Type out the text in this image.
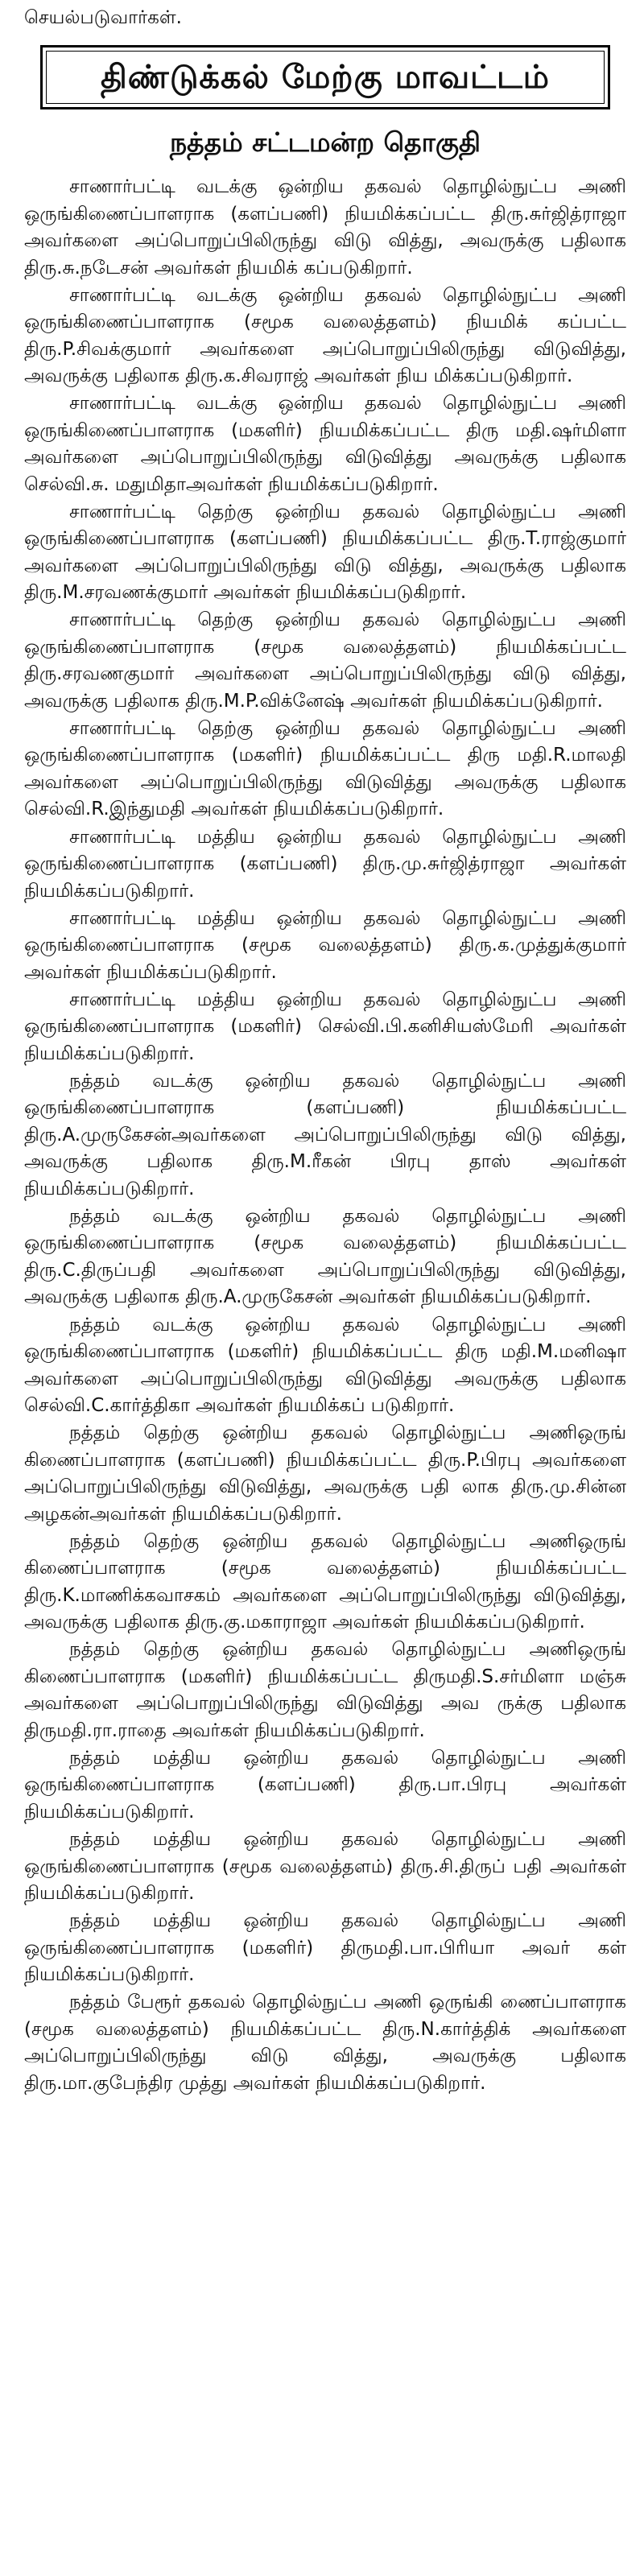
செயல்படுவார்கள்.

திண்டுக்கல் மேற்கு மாவட்டம்
நத்தம் சட்டமன்ற தொகுதி

சாணார்பட்டி வடக்கு ஒன்றிய தகவல் தொழில்நுட்ப அணி ஒருங்கிணைப்பாளராக (களப்பணி) நியமிக்கப்பட்ட திரு.சுர்ஜித்ராஜா அவர்களை அப்பொறுப்பிலிருந்து விடு வித்து, அவருக்கு பதிலாக திரு.சு.நடேசன் அவர்கள் நியமிக் கப்படுகிறார்.

சாணார்பட்டி வடக்கு ஒன்றிய தகவல் தொழில்நுட்ப அணி ஒருங்கிணைப்பாளராக (சமூக வலைத்தளம்) நியமிக் கப்பட்ட திரு.P.சிவக்குமார் அவர்களை அப்பொறுப்பிலிருந்து விடுவித்து, அவருக்கு பதிலாக திரு.க.சிவராஜ் அவர்கள் நிய மிக்கப்படுகிறார்.

சாணார்பட்டி வடக்கு ஒன்றிய தகவல் தொழில்நுட்ப அணி ஒருங்கிணைப்பாளராக (மகளிர்) நியமிக்கப்பட்ட திரு மதி.ஷர்மிளா அவர்களை அப்பொறுப்பிலிருந்து விடுவித்து அவருக்கு பதிலாக செல்வி.சு. மதுமிதாஅவர்கள் நியமிக்கப்படுகிறார்.

சாணார்பட்டி தெற்கு ஒன்றிய தகவல் தொழில்நுட்ப அணி ஒருங்கிணைப்பாளராக (களப்பணி) நியமிக்கப்பட்ட திரு.T.ராஜ்குமார் அவர்களை அப்பொறுப்பிலிருந்து விடு வித்து, அவருக்கு பதிலாக திரு.M.சரவணக்குமார் அவர்கள் நியமிக்கப்படுகிறார்.

சாணார்பட்டி தெற்கு ஒன்றிய தகவல் தொழில்நுட்ப அணி ஒருங்கிணைப்பாளராக (சமூக வலைத்தளம்) நியமிக்கப்பட்ட திரு.சரவணகுமார் அவர்களை அப்பொறுப்பிலிருந்து விடு வித்து, அவருக்கு பதிலாக திரு.M.P.விக்னேஷ் அவர்கள் நியமிக்கப்படுகிறார்.

சாணார்பட்டி தெற்கு ஒன்றிய தகவல் தொழில்நுட்ப அணி ஒருங்கிணைப்பாளராக (மகளிர்) நியமிக்கப்பட்ட திரு மதி.R.மாலதி அவர்களை அப்பொறுப்பிலிருந்து விடுவித்து அவருக்கு பதிலாக செல்வி.R.இந்துமதி அவர்கள் நியமிக்கப்படுகிறார்.

சாணார்பட்டி மத்திய ஒன்றிய தகவல் தொழில்நுட்ப அணி ஒருங்கிணைப்பாளராக (களப்பணி) திரு.மு.சுர்ஜித்ராஜா அவர்கள் நியமிக்கப்படுகிறார்.

சாணார்பட்டி மத்திய ஒன்றிய தகவல் தொழில்நுட்ப அணி ஒருங்கிணைப்பாளராக (சமூக வலைத்தளம்) திரு.க.முத்துக்குமார் அவர்கள் நியமிக்கப்படுகிறார்.

சாணார்பட்டி மத்திய ஒன்றிய தகவல் தொழில்நுட்ப அணி ஒருங்கிணைப்பாளராக (மகளிர்) செல்வி.பி.கனிசியஸ்மேரி அவர்கள் நியமிக்கப்படுகிறார்.

நத்தம் வடக்கு ஒன்றிய தகவல் தொழில்நுட்ப அணி ஒருங்கிணைப்பாளராக (களப்பணி) நியமிக்கப்பட்ட திரு.A.முருகேசன்அவர்களை அப்பொறுப்பிலிருந்து விடு வித்து, அவருக்கு பதிலாக திரு.M.ரீகன் பிரபு தாஸ் அவர்கள் நியமிக்கப்படுகிறார்.

நத்தம் வடக்கு ஒன்றிய தகவல் தொழில்நுட்ப அணி ஒருங்கிணைப்பாளராக (சமூக வலைத்தளம்) நியமிக்கப்பட்ட திரு.C.திருப்பதி அவர்களை அப்பொறுப்பிலிருந்து விடுவித்து, அவருக்கு பதிலாக திரு.A.முருகேசன் அவர்கள் நியமிக்கப்படுகிறார்.

நத்தம் வடக்கு ஒன்றிய தகவல் தொழில்நுட்ப அணி ஒருங்கிணைப்பாளராக (மகளிர்) நியமிக்கப்பட்ட திரு மதி.M.மனிஷா அவர்களை அப்பொறுப்பிலிருந்து விடுவித்து அவருக்கு பதிலாக செல்வி.C.கார்த்திகா அவர்கள் நியமிக்கப் படுகிறார்.

நத்தம் தெற்கு ஒன்றிய தகவல் தொழில்நுட்ப அணிஒருங் கிணைப்பாளராக (களப்பணி) நியமிக்கப்பட்ட திரு.P.பிரபு அவர்களை அப்பொறுப்பிலிருந்து விடுவித்து, அவருக்கு பதி லாக திரு.மு.சின்ன அழகன்அவர்கள் நியமிக்கப்படுகிறார்.

நத்தம் தெற்கு ஒன்றிய தகவல் தொழில்நுட்ப அணிஒருங் கிணைப்பாளராக (சமூக வலைத்தளம்) நியமிக்கப்பட்ட திரு.K.மாணிக்கவாசகம் அவர்களை அப்பொறுப்பிலிருந்து விடுவித்து, அவருக்கு பதிலாக திரு.கு.மகாராஜா அவர்கள் நியமிக்கப்படுகிறார்.

நத்தம் தெற்கு ஒன்றிய தகவல் தொழில்நுட்ப அணிஒருங் கிணைப்பாளராக (மகளிர்) நியமிக்கப்பட்ட திருமதி.S.சர்மிளா மஞ்சு அவர்களை அப்பொறுப்பிலிருந்து விடுவித்து அவ ருக்கு பதிலாக திருமதி.ரா.ராதை அவர்கள் நியமிக்கப்படுகிறார்.

நத்தம் மத்திய ஒன்றிய தகவல் தொழில்நுட்ப அணி ஒருங்கிணைப்பாளராக (களப்பணி) திரு.பா.பிரபு அவர்கள் நியமிக்கப்படுகிறார்.

நத்தம் மத்திய ஒன்றிய தகவல் தொழில்நுட்ப அணி ஒருங்கிணைப்பாளராக (சமூக வலைத்தளம்) திரு.சி.திருப் பதி அவர்கள் நியமிக்கப்படுகிறார்.

நத்தம் மத்திய ஒன்றிய தகவல் தொழில்நுட்ப அணி ஒருங்கிணைப்பாளராக (மகளிர்) திருமதி.பா.பிரியா அவர் கள் நியமிக்கப்படுகிறார்.

நத்தம் பேரூர் தகவல் தொழில்நுட்ப அணி ஒருங்கி ணைப்பாளராக (சமூக வலைத்தளம்) நியமிக்கப்பட்ட திரு.N.கார்த்திக் அவர்களை அப்பொறுப்பிலிருந்து விடு வித்து, அவருக்கு பதிலாக திரு.மா.குபேந்திர முத்து அவர்கள் நியமிக்கப்படுகிறார்.
